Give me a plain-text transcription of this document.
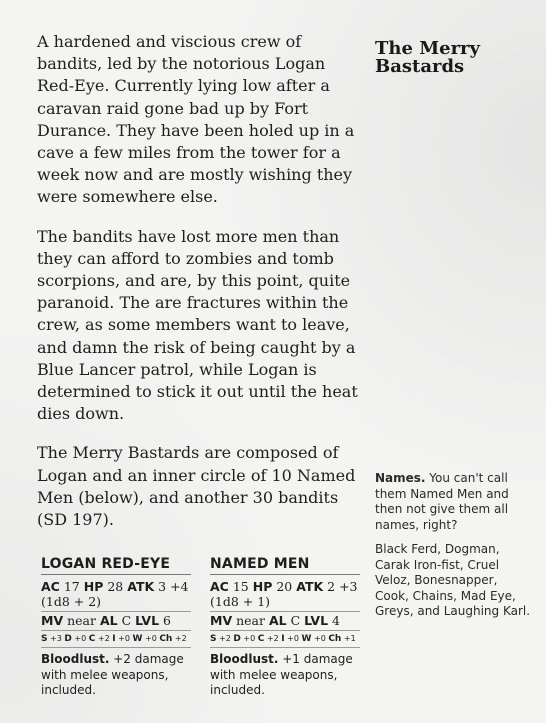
A hardened and viscious crew of bandits, led by the notorious Logan Red-Eye. Currently lying low after a caravan raid gone bad up by Fort Durance. They have been holed up in a cave a few miles from the tower for a week now and are mostly wishing they were somewhere else.

The bandits have lost more men than they can afford to zombies and tomb scorpions, and are, by this point, quite paranoid. The are fractures within the crew, as some members want to leave, and damn the risk of being caught by a Blue Lancer patrol, while Logan is determined to stick it out until the heat dies down.

The Merry Bastards are composed of Logan and an inner circle of 10 Named Men (below), and another 30 bandits (SD 197).

The Merry Bastards

Names. You can't call them Named Men and then not give them all names, right?

Black Ferd, Dogman, Carak Iron-fist, Cruel Veloz, Bonesnapper, Cook, Chains, Mad Eye, Greys, and Laughing Karl.

LOGAN RED-EYE
AC 17 HP 28 ATK 3 +4 (1d8 + 2)
MV near AL C LVL 6
S +3 D +0 C +2 I +0 W +0 Ch +2
Bloodlust. +2 damage with melee weapons, included.
NAMED MEN
AC 15 HP 20 ATK 2 +3 (1d8 + 1)
MV near AL C LVL 4
S +2 D +0 C +2 I +0 W +0 Ch +1
Bloodlust. +1 damage with melee weapons, included.
